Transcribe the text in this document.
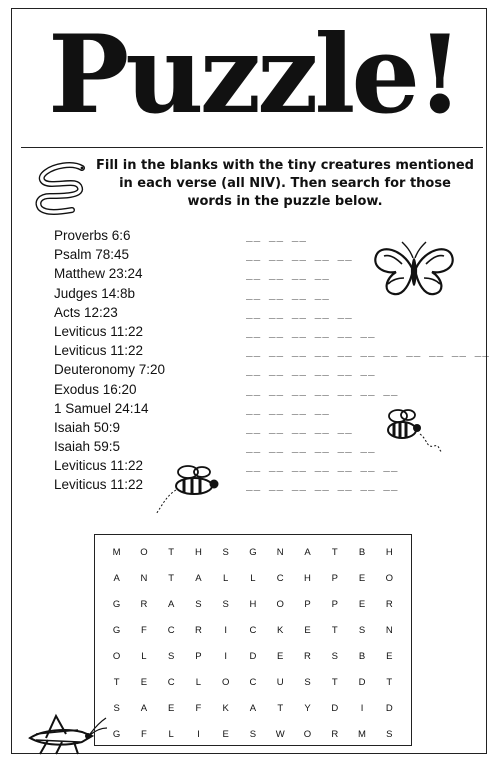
Puzzle!
Fill in the blanks with the tiny creatures mentioned in each verse (all NIV). Then search for those words in the puzzle below.
Proverbs 6:6	__ __ __
Psalm 78:45	__ __ __ __ __
Matthew 23:24	__ __ __ __
Judges 14:8b	__ __ __ __
Acts 12:23	__ __ __ __ __
Leviticus 11:22	__ __ __ __ __ __
Leviticus 11:22	__ __ __ __ __ __ __ __ __ __ __
Deuteronomy 7:20	__ __ __ __ __ __
Exodus 16:20	__ __ __ __ __ __ __
1 Samuel 24:14	__ __ __ __
Isaiah 50:9	__ __ __ __ __
Isaiah 59:5	__ __ __ __ __ __
Leviticus 11:22	__ __ __ __ __ __ __
Leviticus 11:22	__ __ __ __ __ __ __
M	O	T	H	S	G	N	A	T	B	H
A	N	T	A	L	L	C	H	P	E	O
G	R	A	S	S	H	O	P	P	E	R
G	F	C	R	I	C	K	E	T	S	N
O	L	S	P	I	D	E	R	S	B	E
T	E	C	L	O	C	U	S	T	D	T
S	A	E	F	K	A	T	Y	D	I	D
G	F	L	I	E	S	W	O	R	M	S
